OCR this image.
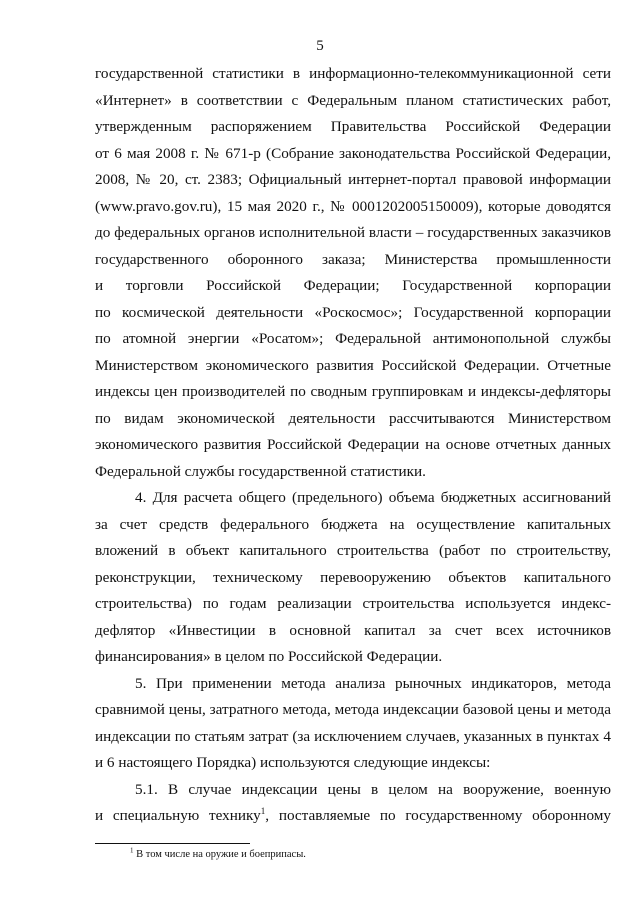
5
государственной статистики в информационно-телекоммуникационной сети
«Интернет» в соответствии с Федеральным планом статистических работ,
утвержденным распоряжением Правительства Российской Федерации
от 6 мая 2008 г. № 671-р (Собрание законодательства Российской Федерации,
2008, № 20, ст. 2383; Официальный интернет-портал правовой информации
(www.pravo.gov.ru), 15 мая 2020 г., № 0001202005150009), которые доводятся
до федеральных органов исполнительной власти – государственных заказчиков
государственного оборонного заказа; Министерства промышленности
и торговли Российской Федерации; Государственной корпорации
по космической деятельности «Роскосмос»; Государственной корпорации
по атомной энергии «Росатом»; Федеральной антимонопольной службы
Министерством экономического развития Российской Федерации. Отчетные
индексы цен производителей по сводным группировкам и индексы-дефляторы
по видам экономической деятельности рассчитываются Министерством
экономического развития Российской Федерации на основе отчетных данных
Федеральной службы государственной статистики.
4. Для расчета общего (предельного) объема бюджетных ассигнований
за счет средств федерального бюджета на осуществление капитальных
вложений в объект капитального строительства (работ по строительству,
реконструкции, техническому перевооружению объектов капитального
строительства) по годам реализации строительства используется индекс-
дефлятор «Инвестиции в основной капитал за счет всех источников
финансирования» в целом по Российской Федерации.
5. При применении метода анализа рыночных индикаторов, метода
сравнимой цены, затратного метода, метода индексации базовой цены и метода
индексации по статьям затрат (за исключением случаев, указанных в пунктах 4
и 6 настоящего Порядка) используются следующие индексы:
5.1. В случае индексации цены в целом на вооружение, военную
и специальную технику$^1$, поставляемые по государственному оборонному
$^1$ В том числе на оружие и боеприпасы.
